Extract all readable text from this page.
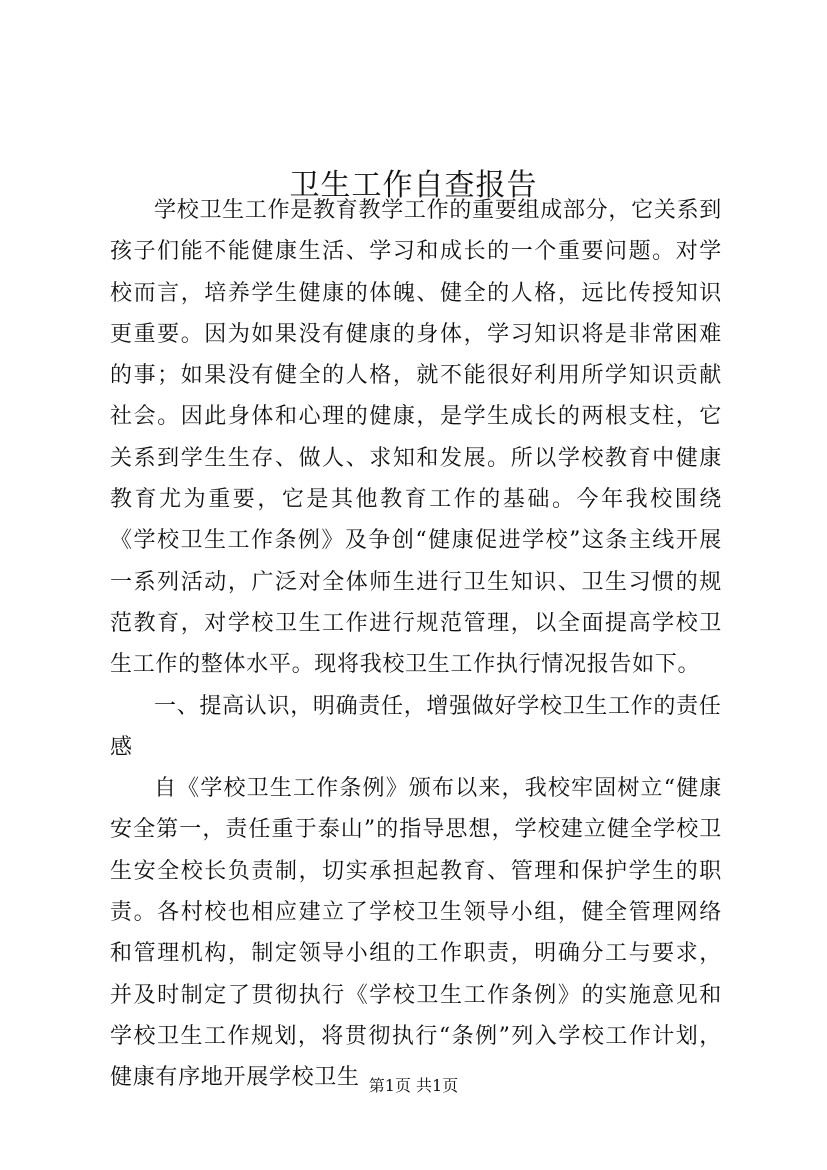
卫生工作自查报告

学校卫生工作是教育教学工作的重要组成部分，它关系到孩子们能不能健康生活、学习和成长的一个重要问题。对学校而言，培养学生健康的体魄、健全的人格，远比传授知识更重要。因为如果没有健康的身体，学习知识将是非常困难的事；如果没有健全的人格，就不能很好利用所学知识贡献社会。因此身体和心理的健康，是学生成长的两根支柱，它关系到学生生存、做人、求知和发展。所以学校教育中健康教育尤为重要，它是其他教育工作的基础。今年我校围绕《学校卫生工作条例》及争创“健康促进学校”这条主线开展一系列活动，广泛对全体师生进行卫生知识、卫生习惯的规范教育，对学校卫生工作进行规范管理，以全面提高学校卫生工作的整体水平。现将我校卫生工作执行情况报告如下。

一、提高认识，明确责任，增强做好学校卫生工作的责任感

自《学校卫生工作条例》颁布以来，我校牢固树立“健康安全第一，责任重于泰山”的指导思想，学校建立健全学校卫生安全校长负责制，切实承担起教育、管理和保护学生的职责。各村校也相应建立了学校卫生领导小组，健全管理网络和管理机构，制定领导小组的工作职责，明确分工与要求，并及时制定了贯彻执行《学校卫生工作条例》的实施意见和学校卫生工作规划，将贯彻执行“条例”列入学校工作计划，健康有序地开展学校卫生 第1页 共1页
